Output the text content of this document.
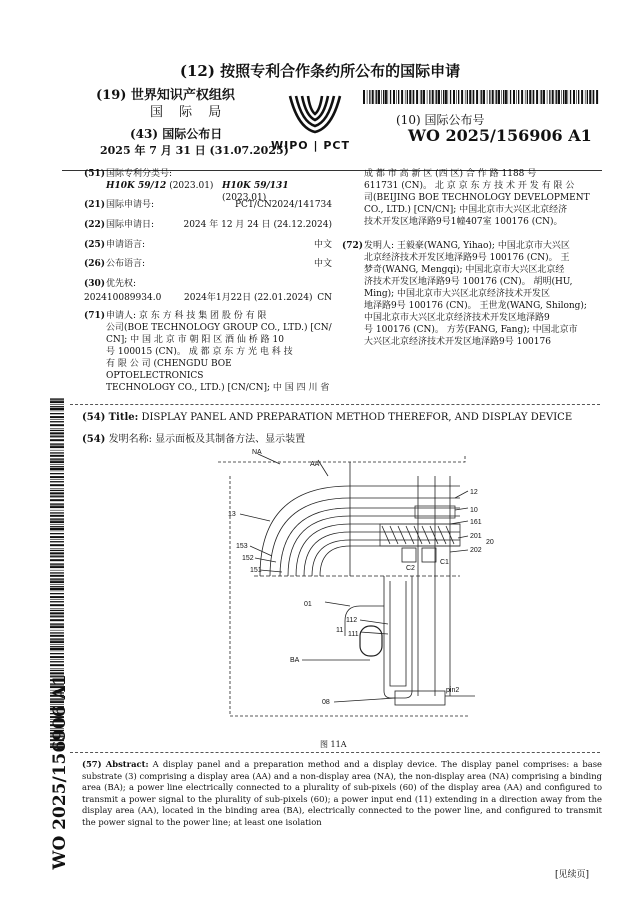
(12) 按照专利合作条约所公布的国际申请
(19) 世界知识产权组织
国 际 局
(43) 国际公布日
2025 年 7 月 31 日 (31.07.2025)
(10) 国际公布号
WO 2025/156906 A1
WIPO | PCT
WO 2025/156906 A1
(51) 国际专利分类号:
H10K 59/12 (2023.01) H10K 59/131 (2023.01)
(21) 国际申请号:	PCT/CN2024/141734
(22) 国际申请日:	2024 年 12 月 24 日 (24.12.2024)
(25) 申请语言:	中文
(26) 公布语言:	中文
(30) 优先权:
202410089934.0	2024年1月22日 (22.01.2024) CN
(71) 申请人: 京 东 方 科 技 集 团 股 份 有 限
公司(BOE TECHNOLOGY GROUP CO., LTD.) [CN/
CN]; 中 国 北 京 市 朝 阳 区 酒 仙 桥 路 10
号 100015 (CN)。 成 都 京 东 方 光 电 科 技
有 限 公 司 (CHENGDU BOE OPTOELECTRONICS
TECHNOLOGY CO., LTD.) [CN/CN]; 中 国 四 川 省
成 都 市 高 新 区 (西 区) 合 作 路 1188 号
611731 (CN)。 北 京 京 东 方 技 术 开 发 有 限 公
司(BEIJING BOE TECHNOLOGY DEVELOPMENT
CO., LTD.) [CN/CN]; 中国北京市大兴区北京经济
技术开发区地泽路9号1幢407室 100176 (CN)。
(72) 发明人: 王毅豪(WANG, Yihao); 中国北京市大兴区
北京经济技术开发区地泽路9号 100176 (CN)。 王
梦奇(WANG, Mengqi); 中国北京市大兴区北京经
济技术开发区地泽路9号 100176 (CN)。 胡明(HU,
Ming); 中国北京市大兴区北京经济技术开发区
地泽路9号 100176 (CN)。 王世龙(WANG, Shilong);
中国北京市大兴区北京经济技术开发区地泽路9
号 100176 (CN)。 方芳(FANG, Fang); 中国北京市
大兴区北京经济技术开发区地泽路9号 100176
(54) Title: DISPLAY PANEL AND PREPARATION METHOD THEREFOR, AND DISPLAY DEVICE
(54) 发明名称: 显示面板及其制备方法、显示装置
NA
AA
12
10
161
13
201
20
153
202
152
C2
C1
151
01
112
11
111
BA
pin2
08
图 11A
(57) Abstract: A display panel and a preparation method and a display device. The display panel comprises: a base substrate (3) comprising a display area (AA) and a non-display area (NA), the non-display area (NA) comprising a binding area (BA); a power line electrically connected to a plurality of sub-pixels (60) of the display area (AA) and configured to transmit a power signal to the plurality of sub-pixels (60); a power input end (11) extending in a direction away from the display area (AA), located in the binding area (BA), electrically connected to the power line, and configured to transmit the power signal to the power line; at least one isolation
[见续页]
